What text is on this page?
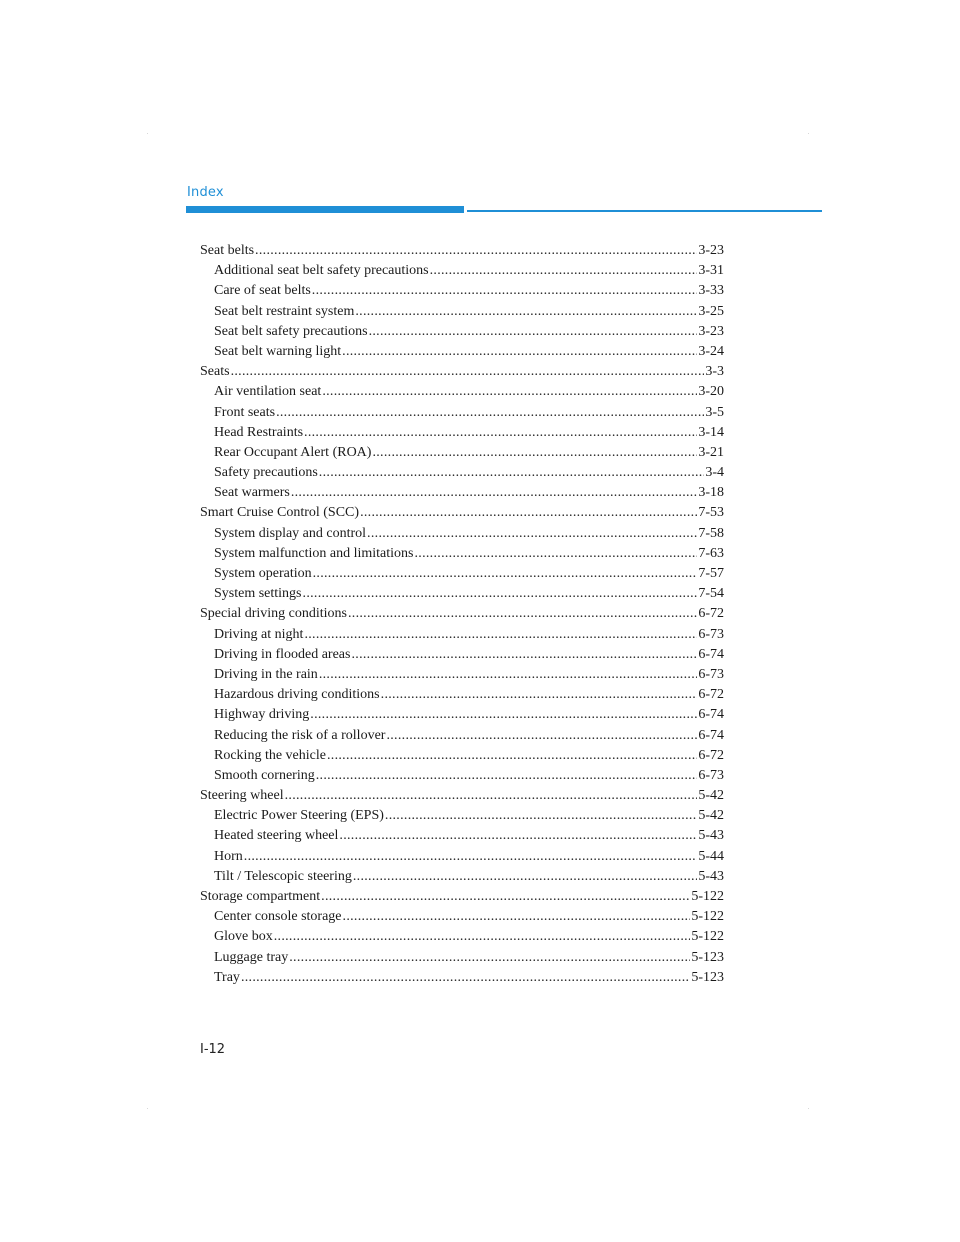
Index
Seat belts .....	3-23
Additional seat belt safety precautions .....	3-31
Care of seat belts .....	3-33
Seat belt restraint system .....	3-25
Seat belt safety precautions .....	3-23
Seat belt warning light .....	3-24
Seats .....	3-3
Air ventilation seat .....	3-20
Front seats .....	3-5
Head Restraints .....	3-14
Rear Occupant Alert (ROA) .....	3-21
Safety precautions .....	3-4
Seat warmers .....	3-18
Smart Cruise Control (SCC) .....	7-53
System display and control .....	7-58
System malfunction and limitations .....	7-63
System operation .....	7-57
System settings .....	7-54
Special driving conditions .....	6-72
Driving at night .....	6-73
Driving in flooded areas .....	6-74
Driving in the rain .....	6-73
Hazardous driving conditions .....	6-72
Highway driving .....	6-74
Reducing the risk of a rollover .....	6-74
Rocking the vehicle .....	6-72
Smooth cornering .....	6-73
Steering wheel .....	5-42
Electric Power Steering (EPS) .....	5-42
Heated steering wheel .....	5-43
Horn .....	5-44
Tilt / Telescopic steering .....	5-43
Storage compartment .....	5-122
Center console storage .....	5-122
Glove box .....	5-122
Luggage tray .....	5-123
Tray .....	5-123
I-12
